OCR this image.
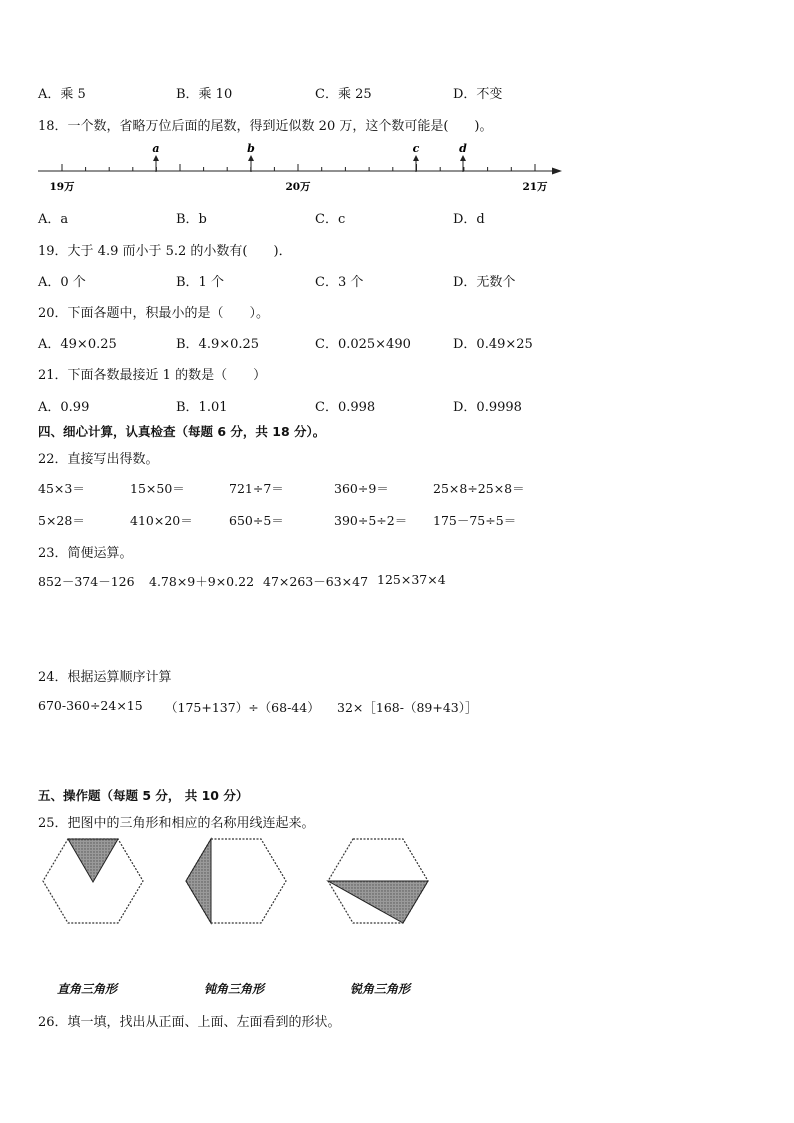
A．乘 5	B．乘 10	C．乘 25	D．不变
18．一个数，省略万位后面的尾数，得到近似数 20 万，这个数可能是(　　)。
a	b	c	d
19万	20万	21万
A．a	B．b	C．c	D．d
19．大于 4.9 而小于 5.2 的小数有(　　)．
A．0 个	B．1 个	C．3 个	D．无数个
20．下面各题中，积最小的是（　　）。
A．49×0.25	B．4.9×0.25	C．0.025×490	D．0.49×25
21．下面各数最接近 1 的数是（　　）
A．0.99	B．1.01	C．0.998	D．0.9998
四、细心计算，认真检查（每题 6 分，共 18 分）。
22．直接写出得数。
45×3＝	15×50＝	721÷7＝	360÷9＝	25×8÷25×8＝
5×28＝	410×20＝	650÷5＝	390÷5÷2＝ 175－75÷5＝
23．简便运算。
852－374－126 4.78×9＋9×0.22 47×263－63×47 125×37×4
24．根据运算顺序计算
670-360÷24×15 （175+137）÷（68-44） 32×［168-（89+43）］
五、操作题（每题 5 分， 共 10 分）
25．把图中的三角形和相应的名称用线连起来。
直角三角形	钝角三角形	锐角三角形
26．填一填，找出从正面、上面、左面看到的形状。
